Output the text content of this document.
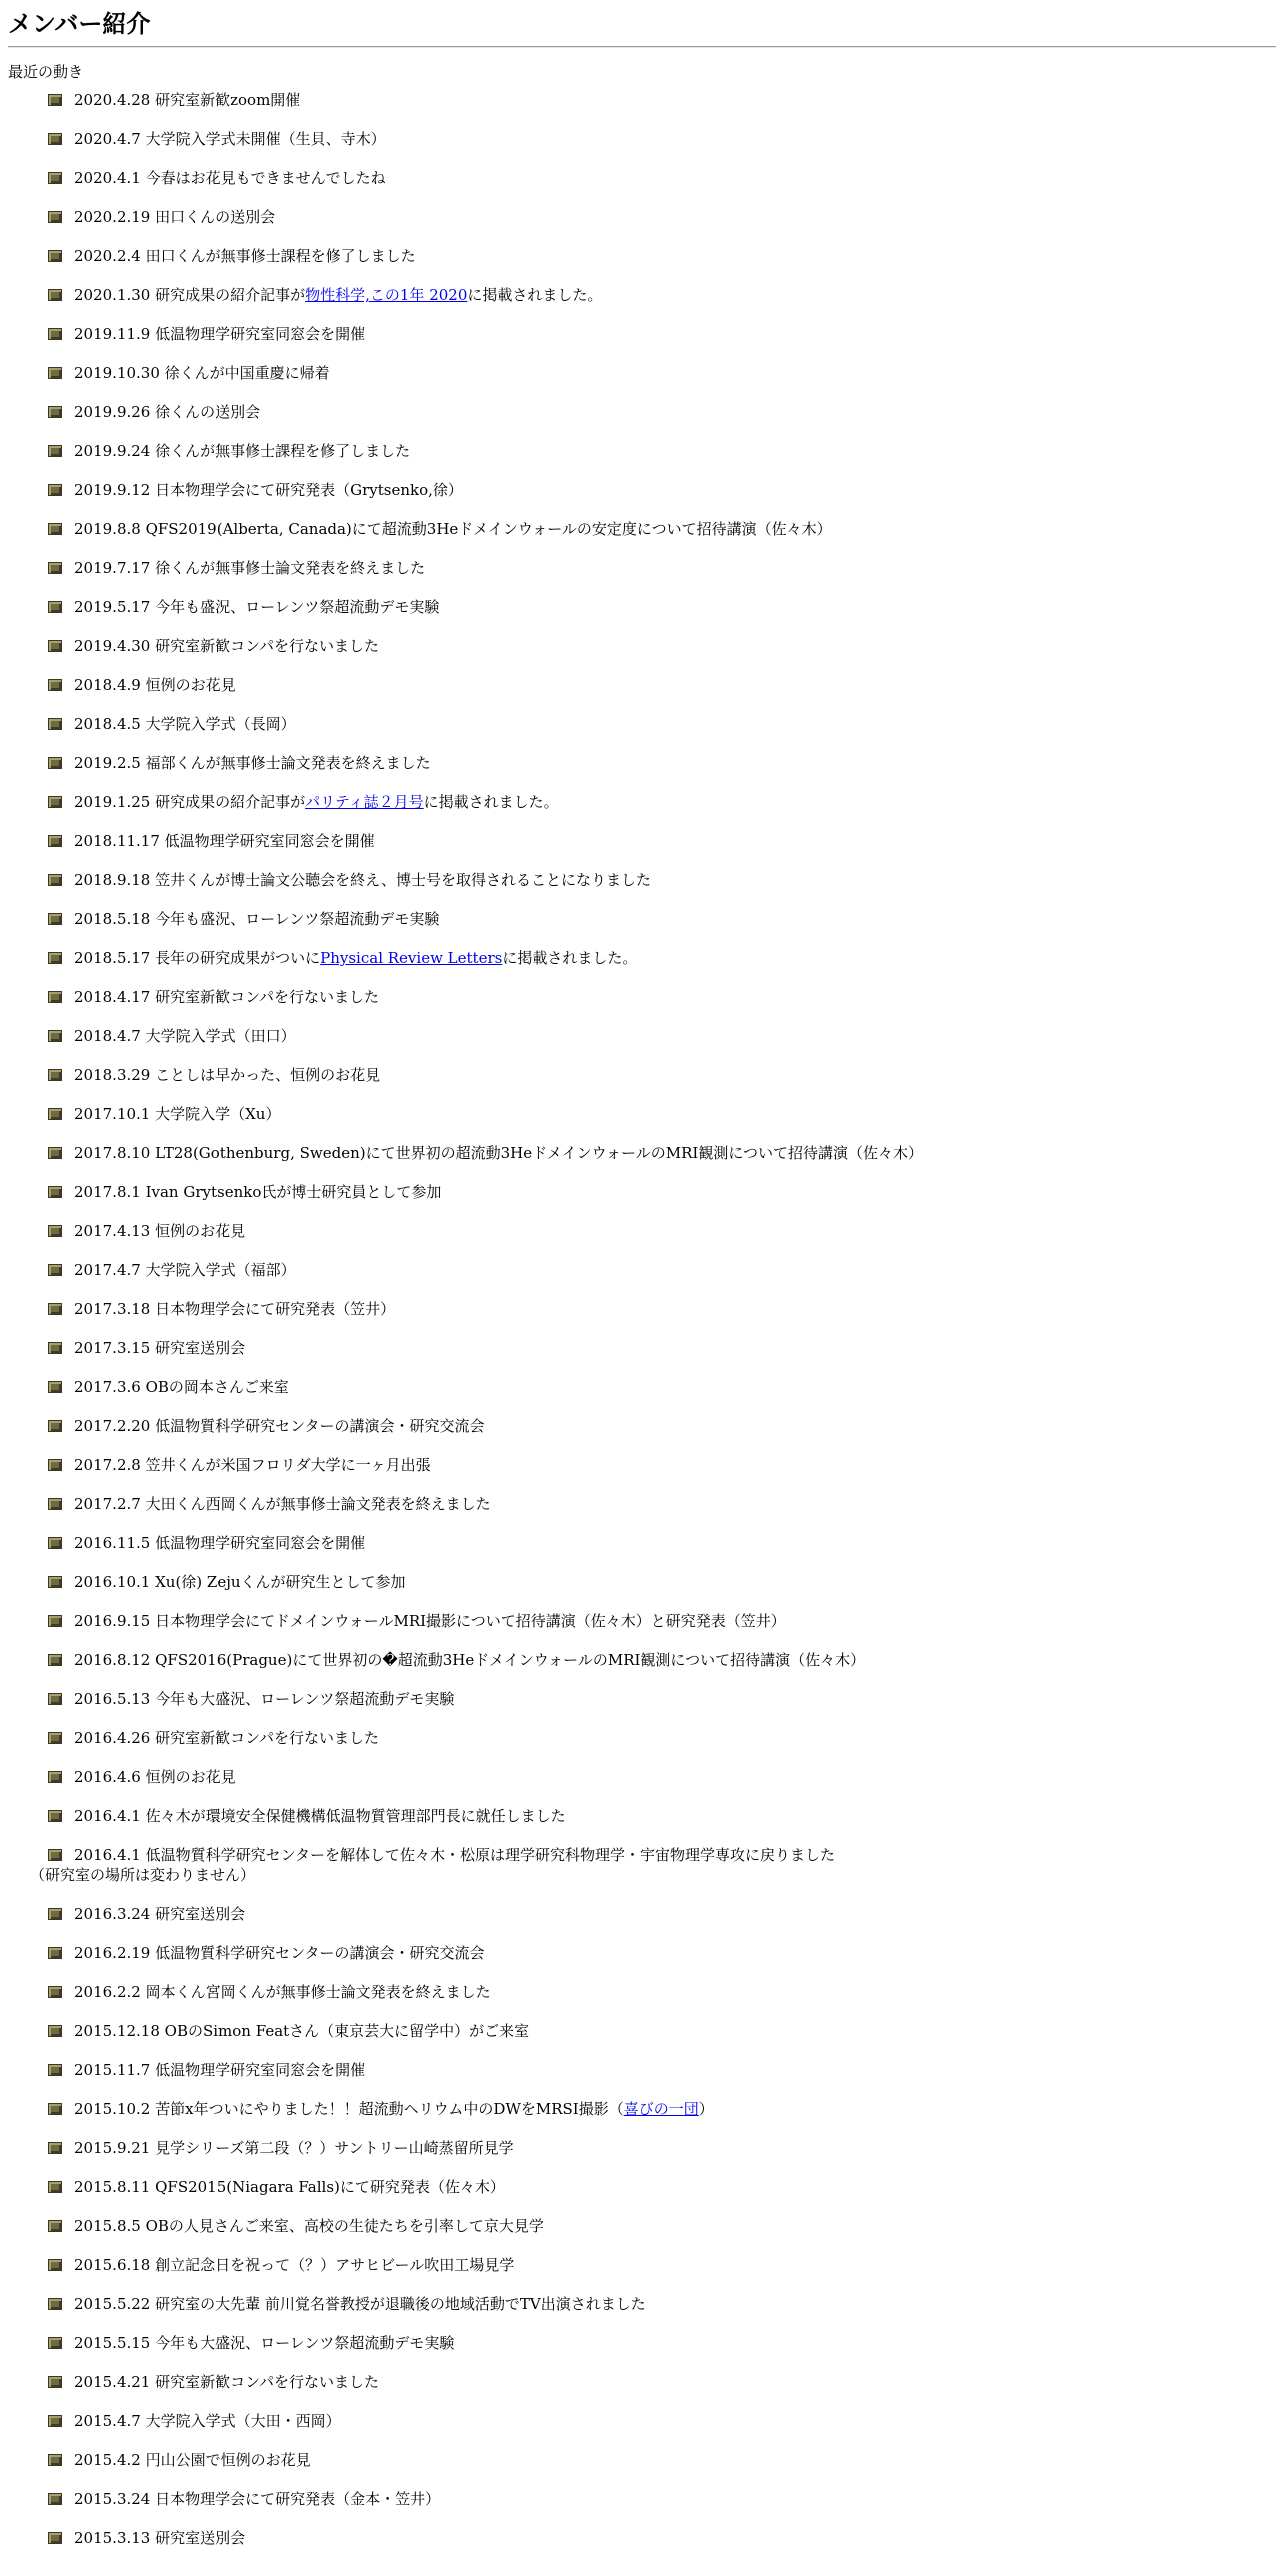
メンバー紹介
最近の動き
2020.4.28 研究室新歓zoom開催
2020.4.7 大学院入学式未開催（生貝、寺木）
2020.4.1 今春はお花見もできませんでしたね
2020.2.19 田口くんの送別会
2020.2.4 田口くんが無事修士課程を修了しました
2020.1.30 研究成果の紹介記事が物性科学,この1年 2020に掲載されました。
2019.11.9 低温物理学研究室同窓会を開催
2019.10.30 徐くんが中国重慶に帰着
2019.9.26 徐くんの送別会
2019.9.24 徐くんが無事修士課程を修了しました
2019.9.12 日本物理学会にて研究発表（Grytsenko,徐）
2019.8.8 QFS2019(Alberta, Canada)にて超流動3Heドメインウォールの安定度について招待講演（佐々木）
2019.7.17 徐くんが無事修士論文発表を終えました
2019.5.17 今年も盛況、ローレンツ祭超流動デモ実験
2019.4.30 研究室新歓コンパを行ないました
2018.4.9 恒例のお花見
2018.4.5 大学院入学式（長岡）
2019.2.5 福部くんが無事修士論文発表を終えました
2019.1.25 研究成果の紹介記事がパリティ誌２月号に掲載されました。
2018.11.17 低温物理学研究室同窓会を開催
2018.9.18 笠井くんが博士論文公聴会を終え、博士号を取得されることになりました
2018.5.18 今年も盛況、ローレンツ祭超流動デモ実験
2018.5.17 長年の研究成果がついにPhysical Review Lettersに掲載されました。
2018.4.17 研究室新歓コンパを行ないました
2018.4.7 大学院入学式（田口）
2018.3.29 ことしは早かった、恒例のお花見
2017.10.1 大学院入学（Xu）
2017.8.10 LT28(Gothenburg, Sweden)にて世界初の超流動3HeドメインウォールのMRI観測について招待講演（佐々木）
2017.8.1 Ivan Grytsenko氏が博士研究員として参加
2017.4.13 恒例のお花見
2017.4.7 大学院入学式（福部）
2017.3.18 日本物理学会にて研究発表（笠井）
2017.3.15 研究室送別会
2017.3.6 OBの岡本さんご来室
2017.2.20 低温物質科学研究センターの講演会・研究交流会
2017.2.8 笠井くんが米国フロリダ大学に一ヶ月出張
2017.2.7 大田くん西岡くんが無事修士論文発表を終えました
2016.11.5 低温物理学研究室同窓会を開催
2016.10.1 Xu(徐) Zejuくんが研究生として参加
2016.9.15 日本物理学会にてドメインウォールMRI撮影について招待講演（佐々木）と研究発表（笠井）
2016.8.12 QFS2016(Prague)にて世界初の�超流動3HeドメインウォールのMRI観測について招待講演（佐々木）
2016.5.13 今年も大盛況、ローレンツ祭超流動デモ実験
2016.4.26 研究室新歓コンパを行ないました
2016.4.6 恒例のお花見
2016.4.1 佐々木が環境安全保健機構低温物質管理部門長に就任しました
2016.4.1 低温物質科学研究センターを解体して佐々木・松原は理学研究科物理学・宇宙物理学専攻に戻りました
（研究室の場所は変わりません）
2016.3.24 研究室送別会
2016.2.19 低温物質科学研究センターの講演会・研究交流会
2016.2.2 岡本くん宮岡くんが無事修士論文発表を終えました
2015.12.18 OBのSimon Featさん（東京芸大に留学中）がご来室
2015.11.7 低温物理学研究室同窓会を開催
2015.10.2 苦節x年ついにやりました！！超流動ヘリウム中のDWをMRSI撮影（喜びの一団）
2015.9.21 見学シリーズ第二段（？）サントリー山崎蒸留所見学
2015.8.11 QFS2015(Niagara Falls)にて研究発表（佐々木）
2015.8.5 OBの人見さんご来室、高校の生徒たちを引率して京大見学
2015.6.18 創立記念日を祝って（？）アサヒビール吹田工場見学
2015.5.22 研究室の大先輩 前川覚名誉教授が退職後の地域活動でTV出演されました
2015.5.15 今年も大盛況、ローレンツ祭超流動デモ実験
2015.4.21 研究室新歓コンパを行ないました
2015.4.7 大学院入学式（大田・西岡）
2015.4.2 円山公園で恒例のお花見
2015.3.24 日本物理学会にて研究発表（金本・笠井）
2015.3.13 研究室送別会
